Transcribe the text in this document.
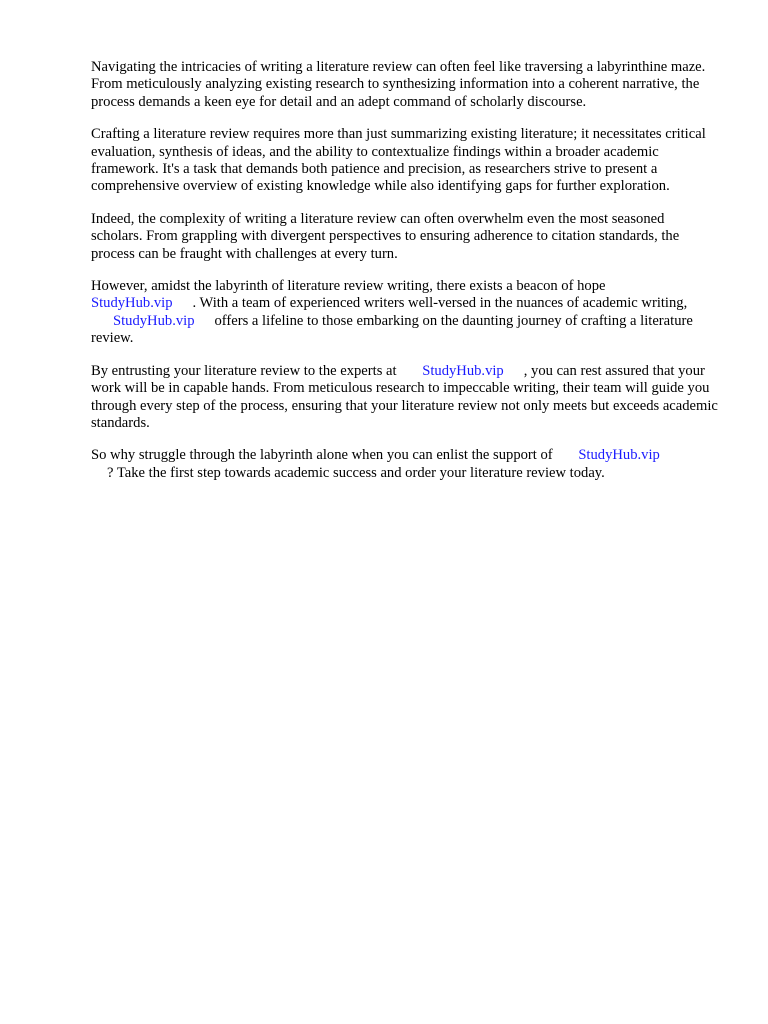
Navigating the intricacies of writing a literature review can often feel like traversing a labyrinthine maze. From meticulously analyzing existing research to synthesizing information into a coherent narrative, the process demands a keen eye for detail and an adept command of scholarly discourse.

Crafting a literature review requires more than just summarizing existing literature; it necessitates critical evaluation, synthesis of ideas, and the ability to contextualize findings within a broader academic framework. It's a task that demands both patience and precision, as researchers strive to present a comprehensive overview of existing knowledge while also identifying gaps for further exploration.

Indeed, the complexity of writing a literature review can often overwhelm even the most seasoned scholars. From grappling with divergent perspectives to ensuring adherence to citation standards, the process can be fraught with challenges at every turn.

However, amidst the labyrinth of literature review writing, there exists a beacon of hope
StudyHub.vip . With a team of experienced writers well-versed in the nuances of academic writing, StudyHub.vip offers a lifeline to those embarking on the daunting journey of crafting a literature review.

By entrusting your literature review to the experts at StudyHub.vip , you can rest assured that your work will be in capable hands. From meticulous research to impeccable writing, their team will guide you through every step of the process, ensuring that your literature review not only meets but exceeds academic standards.

So why struggle through the labyrinth alone when you can enlist the support of StudyHub.vip
? Take the first step towards academic success and order your literature review today.
